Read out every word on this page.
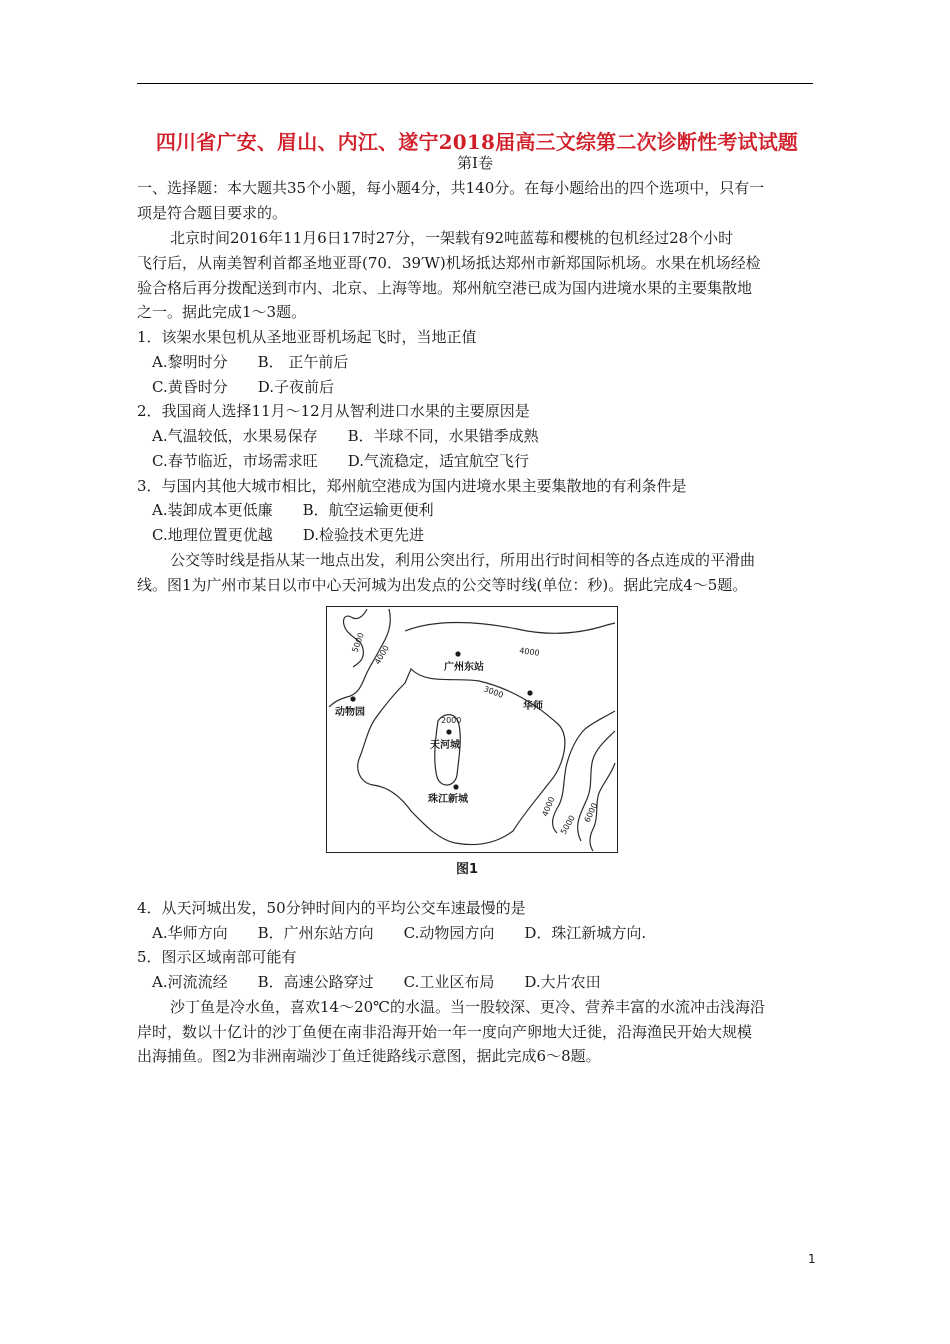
四川省广安、眉山、内江、遂宁2018届高三文综第二次诊断性考试试题
第Ⅰ卷
一、选择题：本大题共35个小题，每小题4分，共140分。在每小题给出的四个选项中，只有一
项是符合题目要求的。
北京时间2016年11月6日17时27分，一架载有92吨蓝莓和樱桃的包机经过28个小时
飞行后，从南美智利首都圣地亚哥(70．39′W)机场抵达郑州市新郑国际机场。水果在机场经检
验合格后再分拨配送到市内、北京、上海等地。郑州航空港已成为国内进境水果的主要集散地
之一。据此完成1～3题。
1．该架水果包机从圣地亚哥机场起飞时，当地正值
A.黎明时分　　B． 正午前后
C.黄昏时分　　D.子夜前后
2．我国商人选择11月～12月从智利进口水果的主要原因是
A.气温较低，水果易保存　　B．半球不同，水果错季成熟
C.春节临近，市场需求旺　　D.气流稳定，适宜航空飞行
3．与国内其他大城市相比，郑州航空港成为国内进境水果主要集散地的有利条件是
A.装卸成本更低廉　　B．航空运输更便利
C.地理位置更优越　　D.检验技术更先进
公交等时线是指从某一地点出发，利用公突出行，所用出行时间相等的各点连成的平滑曲
线。图1为广州市某日以市中心天河城为出发点的公交等时线(单位：秒)。据此完成4～5题。
广州东站
华师
动物园
天河城
珠江新城
2000
3000
4000
4000
4000
5000
5000
6000
图1
4．从天河城出发，50分钟时间内的平均公交车速最慢的是
A.华师方向　　B．广州东站方向　　C.动物园方向　　D．珠江新城方向.
5．图示区域南部可能有
A.河流流经　　B．高速公路穿过　　C.工业区布局　　D.大片农田
沙丁鱼是冷水鱼，喜欢14～20℃的水温。当一股较深、更冷、营养丰富的水流冲击浅海沿
岸时，数以十亿计的沙丁鱼便在南非沿海开始一年一度向产卵地大迁徙，沿海渔民开始大规模
出海捕鱼。图2为非洲南端沙丁鱼迁徙路线示意图，据此完成6～8题。
1
